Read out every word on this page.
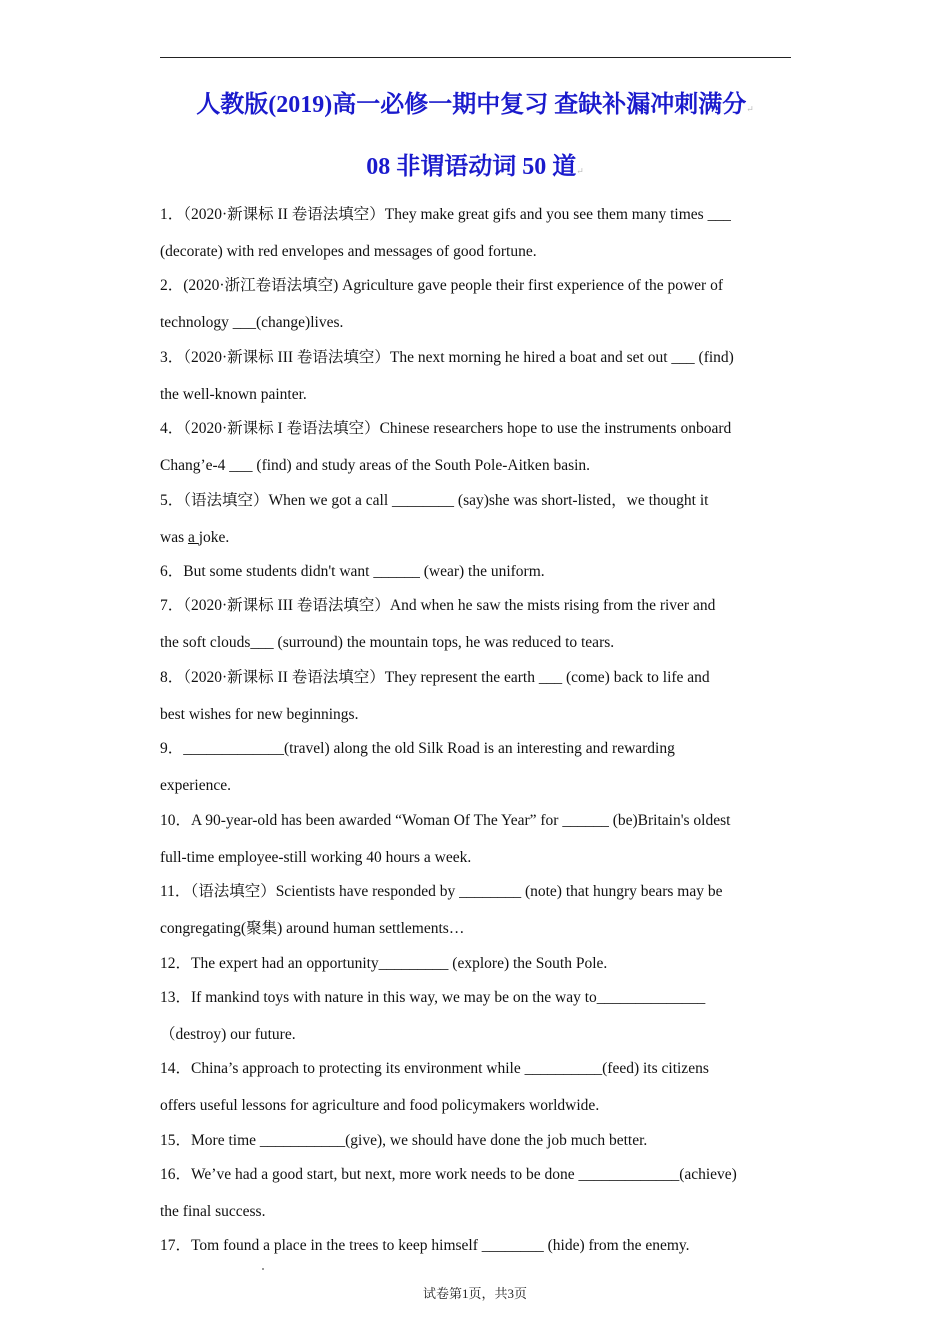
人教版(2019)高一必修一期中复习 查缺补漏冲刺满分↵
08 非谓语动词 50 道↵
1．（2020·新课标 II 卷语法填空）They make great gifs and you see them many times ___
(decorate) with red envelopes and messages of good fortune.
2．(2020·浙江卷语法填空) Agriculture gave people their first experience of the power of
technology ___(change)lives.
3．（2020·新课标 III 卷语法填空）The next morning he hired a boat and set out ___ (find)
the well-known painter.
4．（2020·新课标 I 卷语法填空）Chinese researchers hope to use the instruments onboard
Chang’e-4 ___ (find) and study areas of the South Pole-Aitken basin.
5．（语法填空）When we got a call ________ (say)she was short-listed，we thought it
was a joke.
6．But some students didn't want ______ (wear) the uniform.
7．（2020·新课标 III 卷语法填空）And when he saw the mists rising from the river and
the soft clouds___ (surround) the mountain tops, he was reduced to tears.
8．（2020·新课标 II 卷语法填空）They represent the earth ___ (come) back to life and
best wishes for new beginnings.
9．_____________(travel) along the old Silk Road is an interesting and rewarding
experience.
10．A 90-year-old has been awarded “Woman Of The Year” for ______ (be)Britain's oldest
full-time employee-still working 40 hours a week.
11．（语法填空）Scientists have responded by ________ (note) that hungry bears may be
congregating(聚集) around human settlements…
12．The expert had an opportunity_________ (explore) the South Pole.
13．If mankind toys with nature in this way, we may be on the way to______________
（destroy) our future.
14．China’s approach to protecting its environment while __________(feed) its citizens
offers useful lessons for agriculture and food policymakers worldwide.
15．More time ___________(give), we should have done the job much better.
16．We’ve had a good start, but next, more work needs to be done _____________(achieve)
the final success.
17．Tom found a place in the trees to keep himself ________ (hide) from the enemy.
试卷第1页，共3页
